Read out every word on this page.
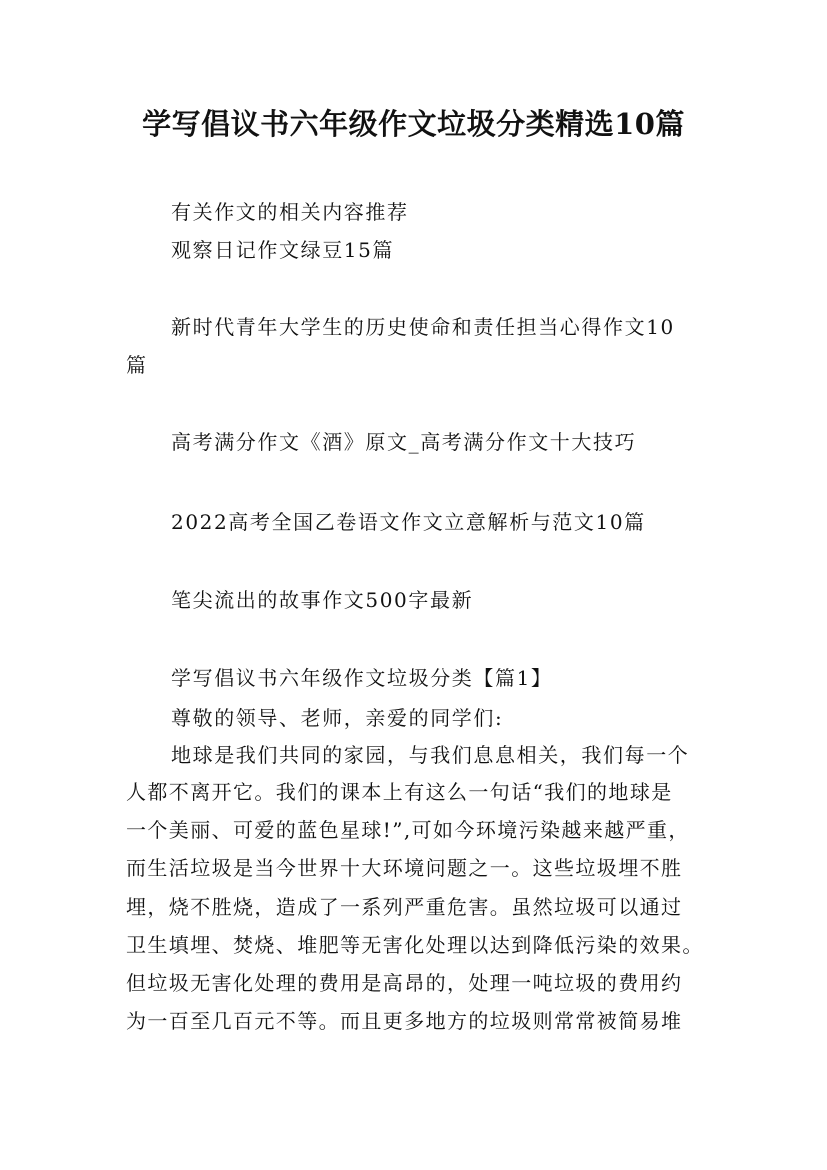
学写倡议书六年级作文垃圾分类精选10篇
有关作文的相关内容推荐
观察日记作文绿豆15篇
新时代青年大学生的历史使命和责任担当心得作文10
篇
高考满分作文《酒》原文_高考满分作文十大技巧
2022高考全国乙卷语文作文立意解析与范文10篇
笔尖流出的故事作文500字最新
学写倡议书六年级作文垃圾分类【篇1】
尊敬的领导、老师，亲爱的同学们:
地球是我们共同的家园，与我们息息相关，我们每一个
人都不离开它。我们的课本上有这么一句话“我们的地球是
一个美丽、可爱的蓝色星球!”,可如今环境污染越来越严重，
而生活垃圾是当今世界十大环境问题之一。这些垃圾埋不胜
埋，烧不胜烧，造成了一系列严重危害。虽然垃圾可以通过
卫生填埋、焚烧、堆肥等无害化处理以达到降低污染的效果。
但垃圾无害化处理的费用是高昂的，处理一吨垃圾的费用约
为一百至几百元不等。而且更多地方的垃圾则常常被简易堆
